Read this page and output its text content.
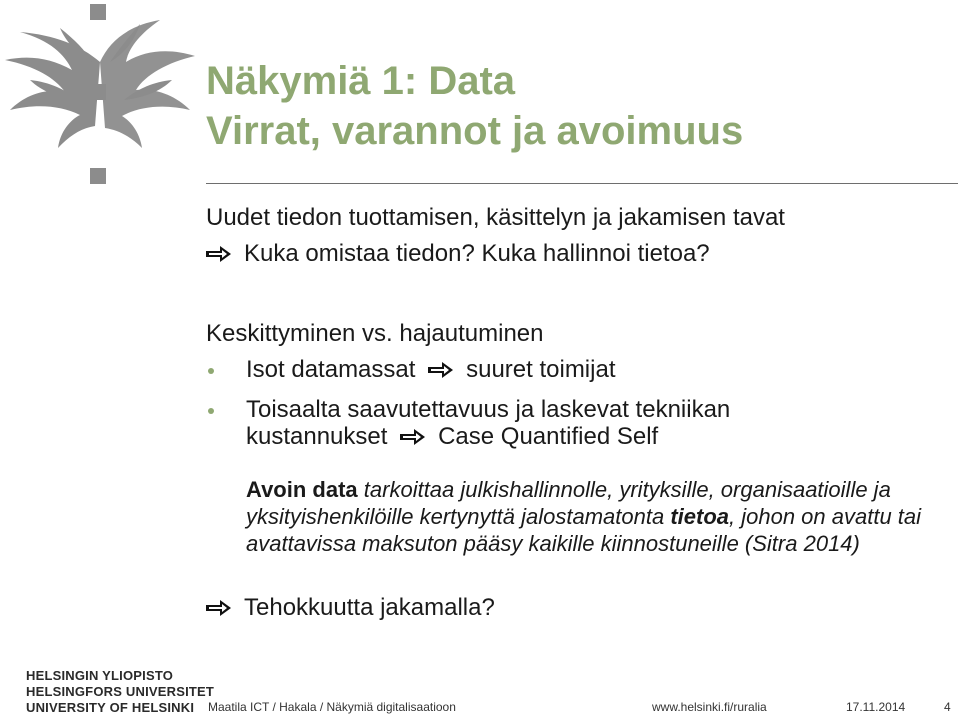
Näkymiä 1: Data
Virrat, varannot ja avoimuus

Uudet tiedon tuottamisen, käsittelyn ja jakamisen tavat

Kuka omistaa tiedon? Kuka hallinnoi tietoa?

Keskittyminen vs. hajautuminen

Isot datamassat suuret toimijat

Toisaalta saavutettavuus ja laskevat tekniikan

kustannukset Case Quantified Self

Avoin data tarkoittaa julkishallinnolle, yrityksille, organisaatioille ja yksityishenkilöille kertynyttä jalostamatonta tietoa, johon on avattu tai avattavissa maksuton pääsy kaikille kiinnostuneille (Sitra 2014)

Tehokkuutta jakamalla?

HELSINGIN YLIOPISTO
HELSINGFORS UNIVERSITET
UNIVERSITY OF HELSINKI Maatila ICT / Hakala / Näkymiä digitalisaatioon	www.helsinki.fi/ruralia	17.11.2014	4
